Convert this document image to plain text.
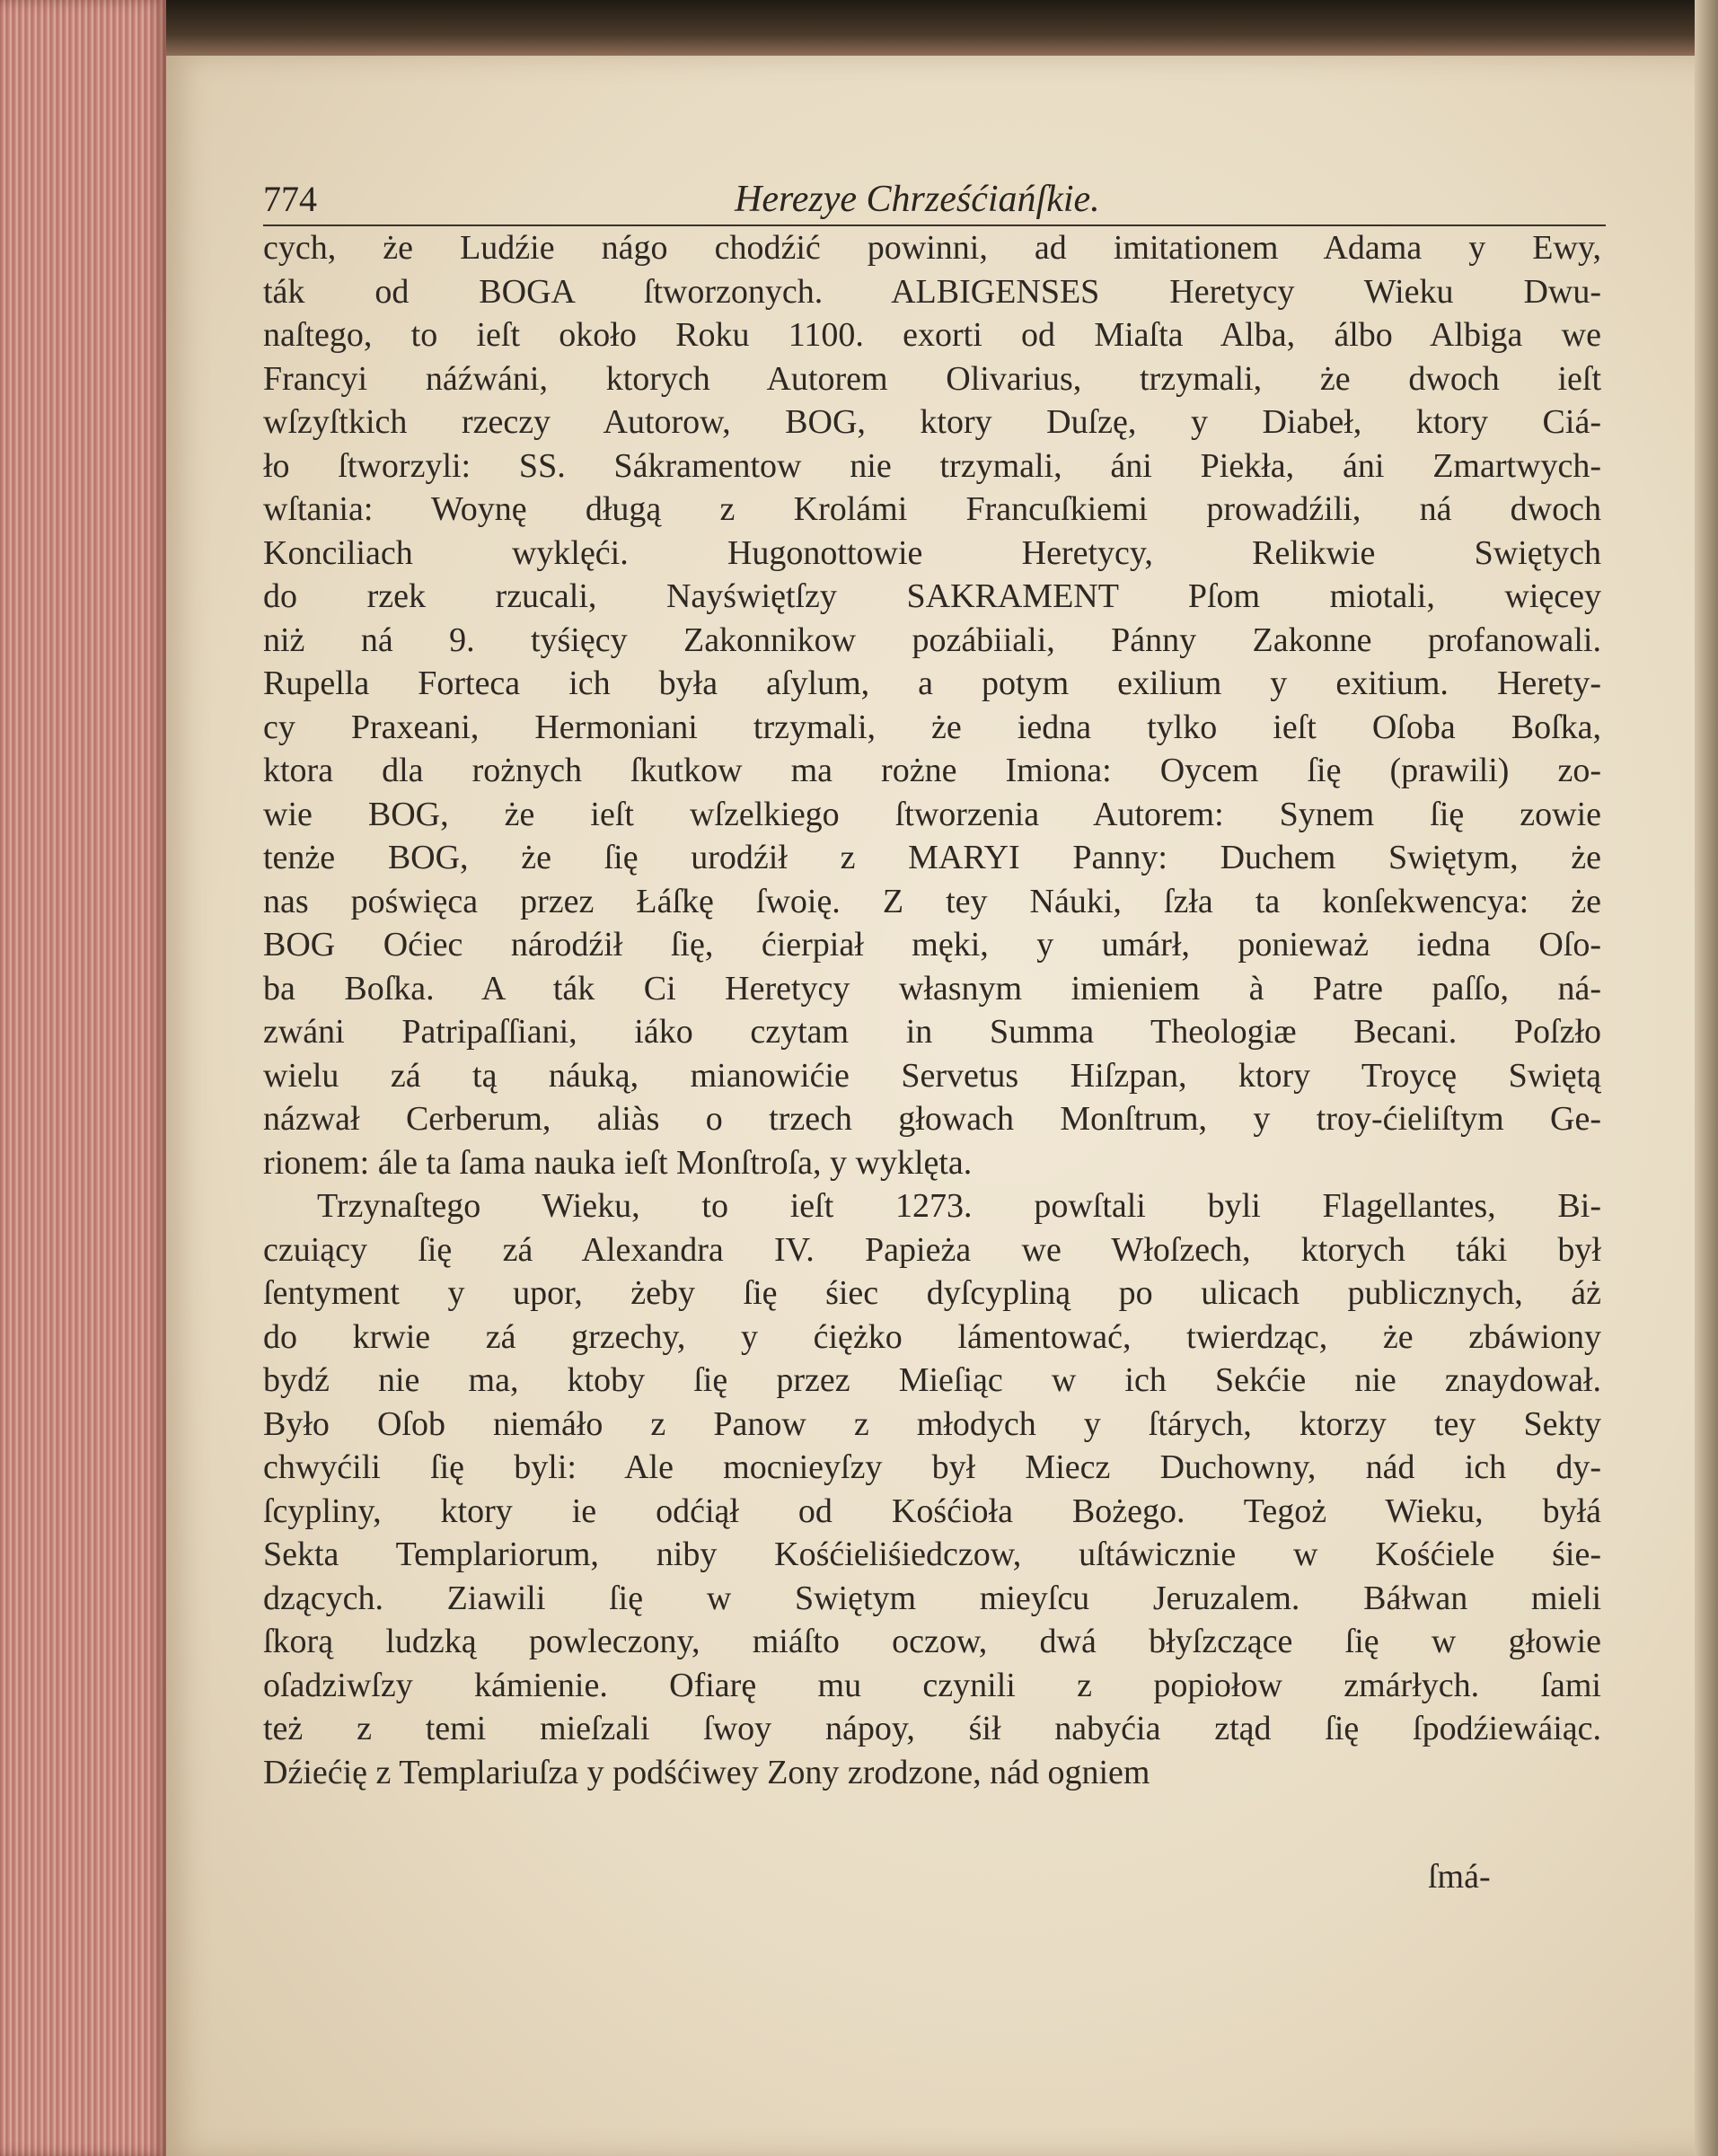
774	Herezye Chrześćiańſkie.
cych, że Ludźie nágo chodźić powinni, ad imitationem Adama y Ewy,
ták od BOGA ſtworzonych. ALBIGENSES Heretycy Wieku Dwu-
naſtego, to ieſt około Roku 1100. exorti od Miaſta Alba, álbo Albiga we
Francyi náźwáni, ktorych Autorem Olivarius, trzymali, że dwoch ieſt
wſzyſtkich rzeczy Autorow, BOG, ktory Duſzę, y Diabeł, ktory Ciá-
ło ſtworzyli: SS. Sákramentow nie trzymali, áni Piekła, áni Zmartwych-
wſtania: Woynę długą z Krolámi Francuſkiemi prowadźili, ná dwoch
Konciliach wyklęći. Hugonottowie Heretycy, Relikwie Swiętych
do rzek rzucali, Nayświętſzy SAKRAMENT Pſom miotali, więcey
niż ná 9. tyśięcy Zakonnikow pozábiiali, Pánny Zakonne profanowali.
Rupella Forteca ich była aſylum, a potym exilium y exitium. Herety-
cy Praxeani, Hermoniani trzymali, że iedna tylko ieſt Oſoba Boſka,
ktora dla rożnych ſkutkow ma rożne Imiona: Oycem ſię (prawili) zo-
wie BOG, że ieſt wſzelkiego ſtworzenia Autorem: Synem ſię zowie
tenże BOG, że ſię urodźił z MARYI Panny: Duchem Swiętym, że
nas poświęca przez Łáſkę ſwoię. Z tey Náuki, ſzła ta konſekwencya: że
BOG Oćiec národźił ſię, ćierpiał męki, y umárł, ponieważ iedna Oſo-
ba Boſka. A ták Ci Heretycy własnym imieniem à Patre paſſo, ná-
zwáni Patripaſſiani, iáko czytam in Summa Theologiæ Becani. Poſzło
wielu zá tą náuką, mianowićie Servetus Hiſzpan, ktory Troycę Swiętą
názwał Cerberum, aliàs o trzech głowach Monſtrum, y troy-ćieliſtym Ge-
rionem: ále ta ſama nauka ieſt Monſtroſa, y wyklęta.
Trzynaſtego Wieku, to ieſt 1273. powſtali byli Flagellantes, Bi-
czuiący ſię zá Alexandra IV. Papieża we Włoſzech, ktorych táki był
ſentyment y upor, żeby ſię śiec dyſcypliną po ulicach publicznych, áż
do krwie zá grzechy, y ćiężko lámentować, twierdząc, że zbáwiony
bydź nie ma, ktoby ſię przez Mieſiąc w ich Sekćie nie znaydował.
Było Oſob niemáło z Panow z młodych y ſtárych, ktorzy tey Sekty
chwyćili ſię byli: Ale mocnieyſzy był Miecz Duchowny, nád ich dy-
ſcypliny, ktory ie odćiął od Kośćioła Bożego. Tegoż Wieku, byłá
Sekta Templariorum, niby Kośćieliśiedczow, uſtáwicznie w Kośćiele śie-
dzących. Ziawili ſię w Swiętym mieyſcu Jeruzalem. Báłwan mieli
ſkorą ludzką powleczony, miáſto oczow, dwá błyſzczące ſię w głowie
oſadziwſzy kámienie. Ofiarę mu czynili z popiołow zmárłych. ſami
też z temi mieſzali ſwoy nápoy, śił nabyćia ztąd ſię ſpodźiewáiąc.
Dźiećię z Templariuſza y podśćiwey Zony zrodzone, nád ogniem
ſmá-
